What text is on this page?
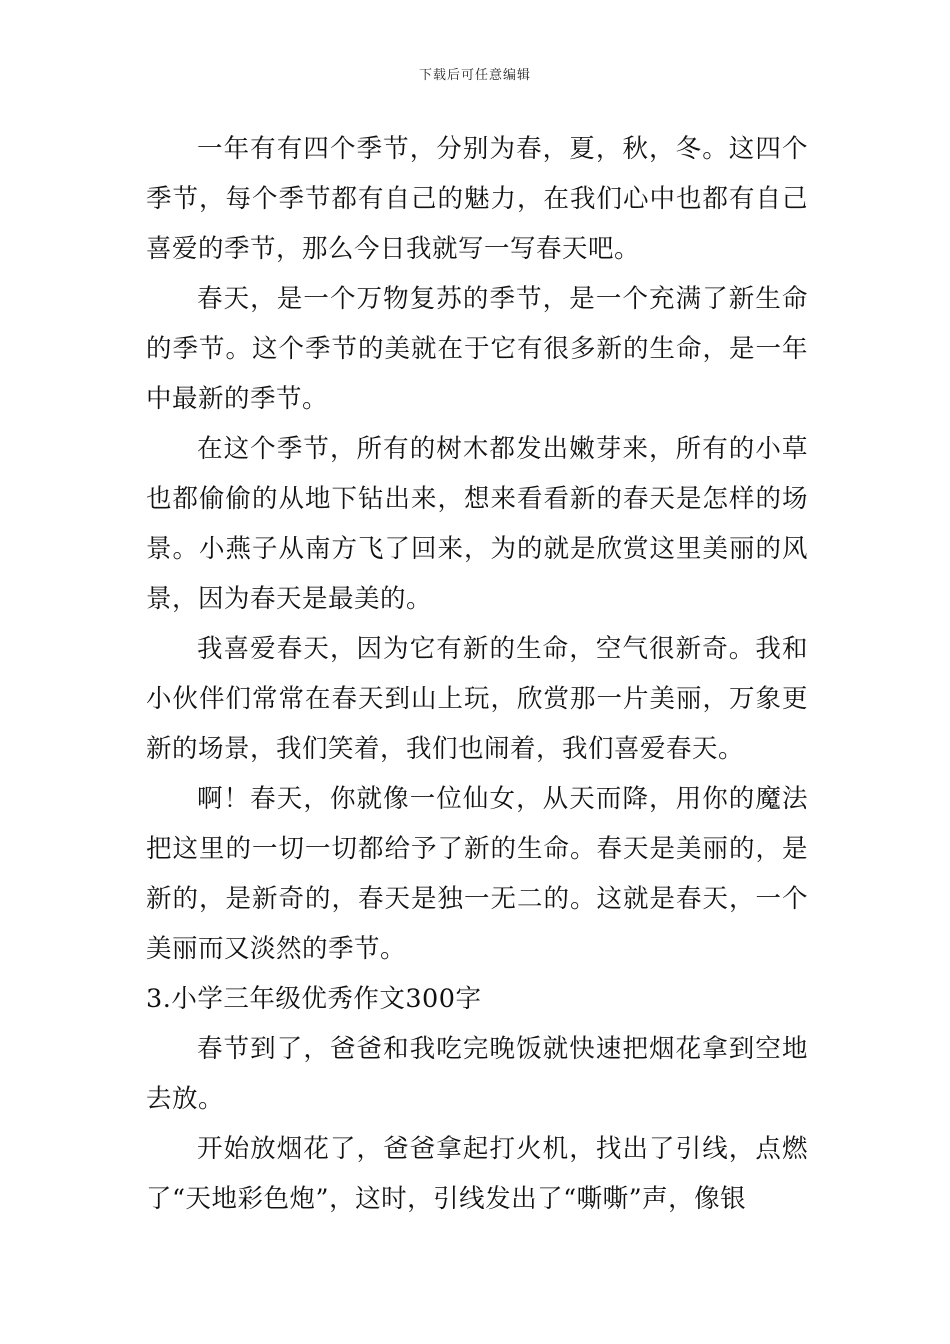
下载后可任意编辑

一年有有四个季节，分别为春，夏，秋，冬。这四个季节，每个季节都有自己的魅力，在我们心中也都有自己喜爱的季节，那么今日我就写一写春天吧。

春天，是一个万物复苏的季节，是一个充满了新生命的季节。这个季节的美就在于它有很多新的生命，是一年中最新的季节。

在这个季节，所有的树木都发出嫩芽来，所有的小草也都偷偷的从地下钻出来，想来看看新的春天是怎样的场景。小燕子从南方飞了回来，为的就是欣赏这里美丽的风景，因为春天是最美的。

我喜爱春天，因为它有新的生命，空气很新奇。我和小伙伴们常常在春天到山上玩，欣赏那一片美丽，万象更新的场景，我们笑着，我们也闹着，我们喜爱春天。

啊！春天，你就像一位仙女，从天而降，用你的魔法把这里的一切一切都给予了新的生命。春天是美丽的，是新的，是新奇的，春天是独一无二的。这就是春天，一个美丽而又淡然的季节。

3.小学三年级优秀作文300字

春节到了，爸爸和我吃完晚饭就快速把烟花拿到空地去放。

开始放烟花了，爸爸拿起打火机，找出了引线，点燃了“天地彩色炮”，这时，引线发出了“嘶嘶”声，像银
